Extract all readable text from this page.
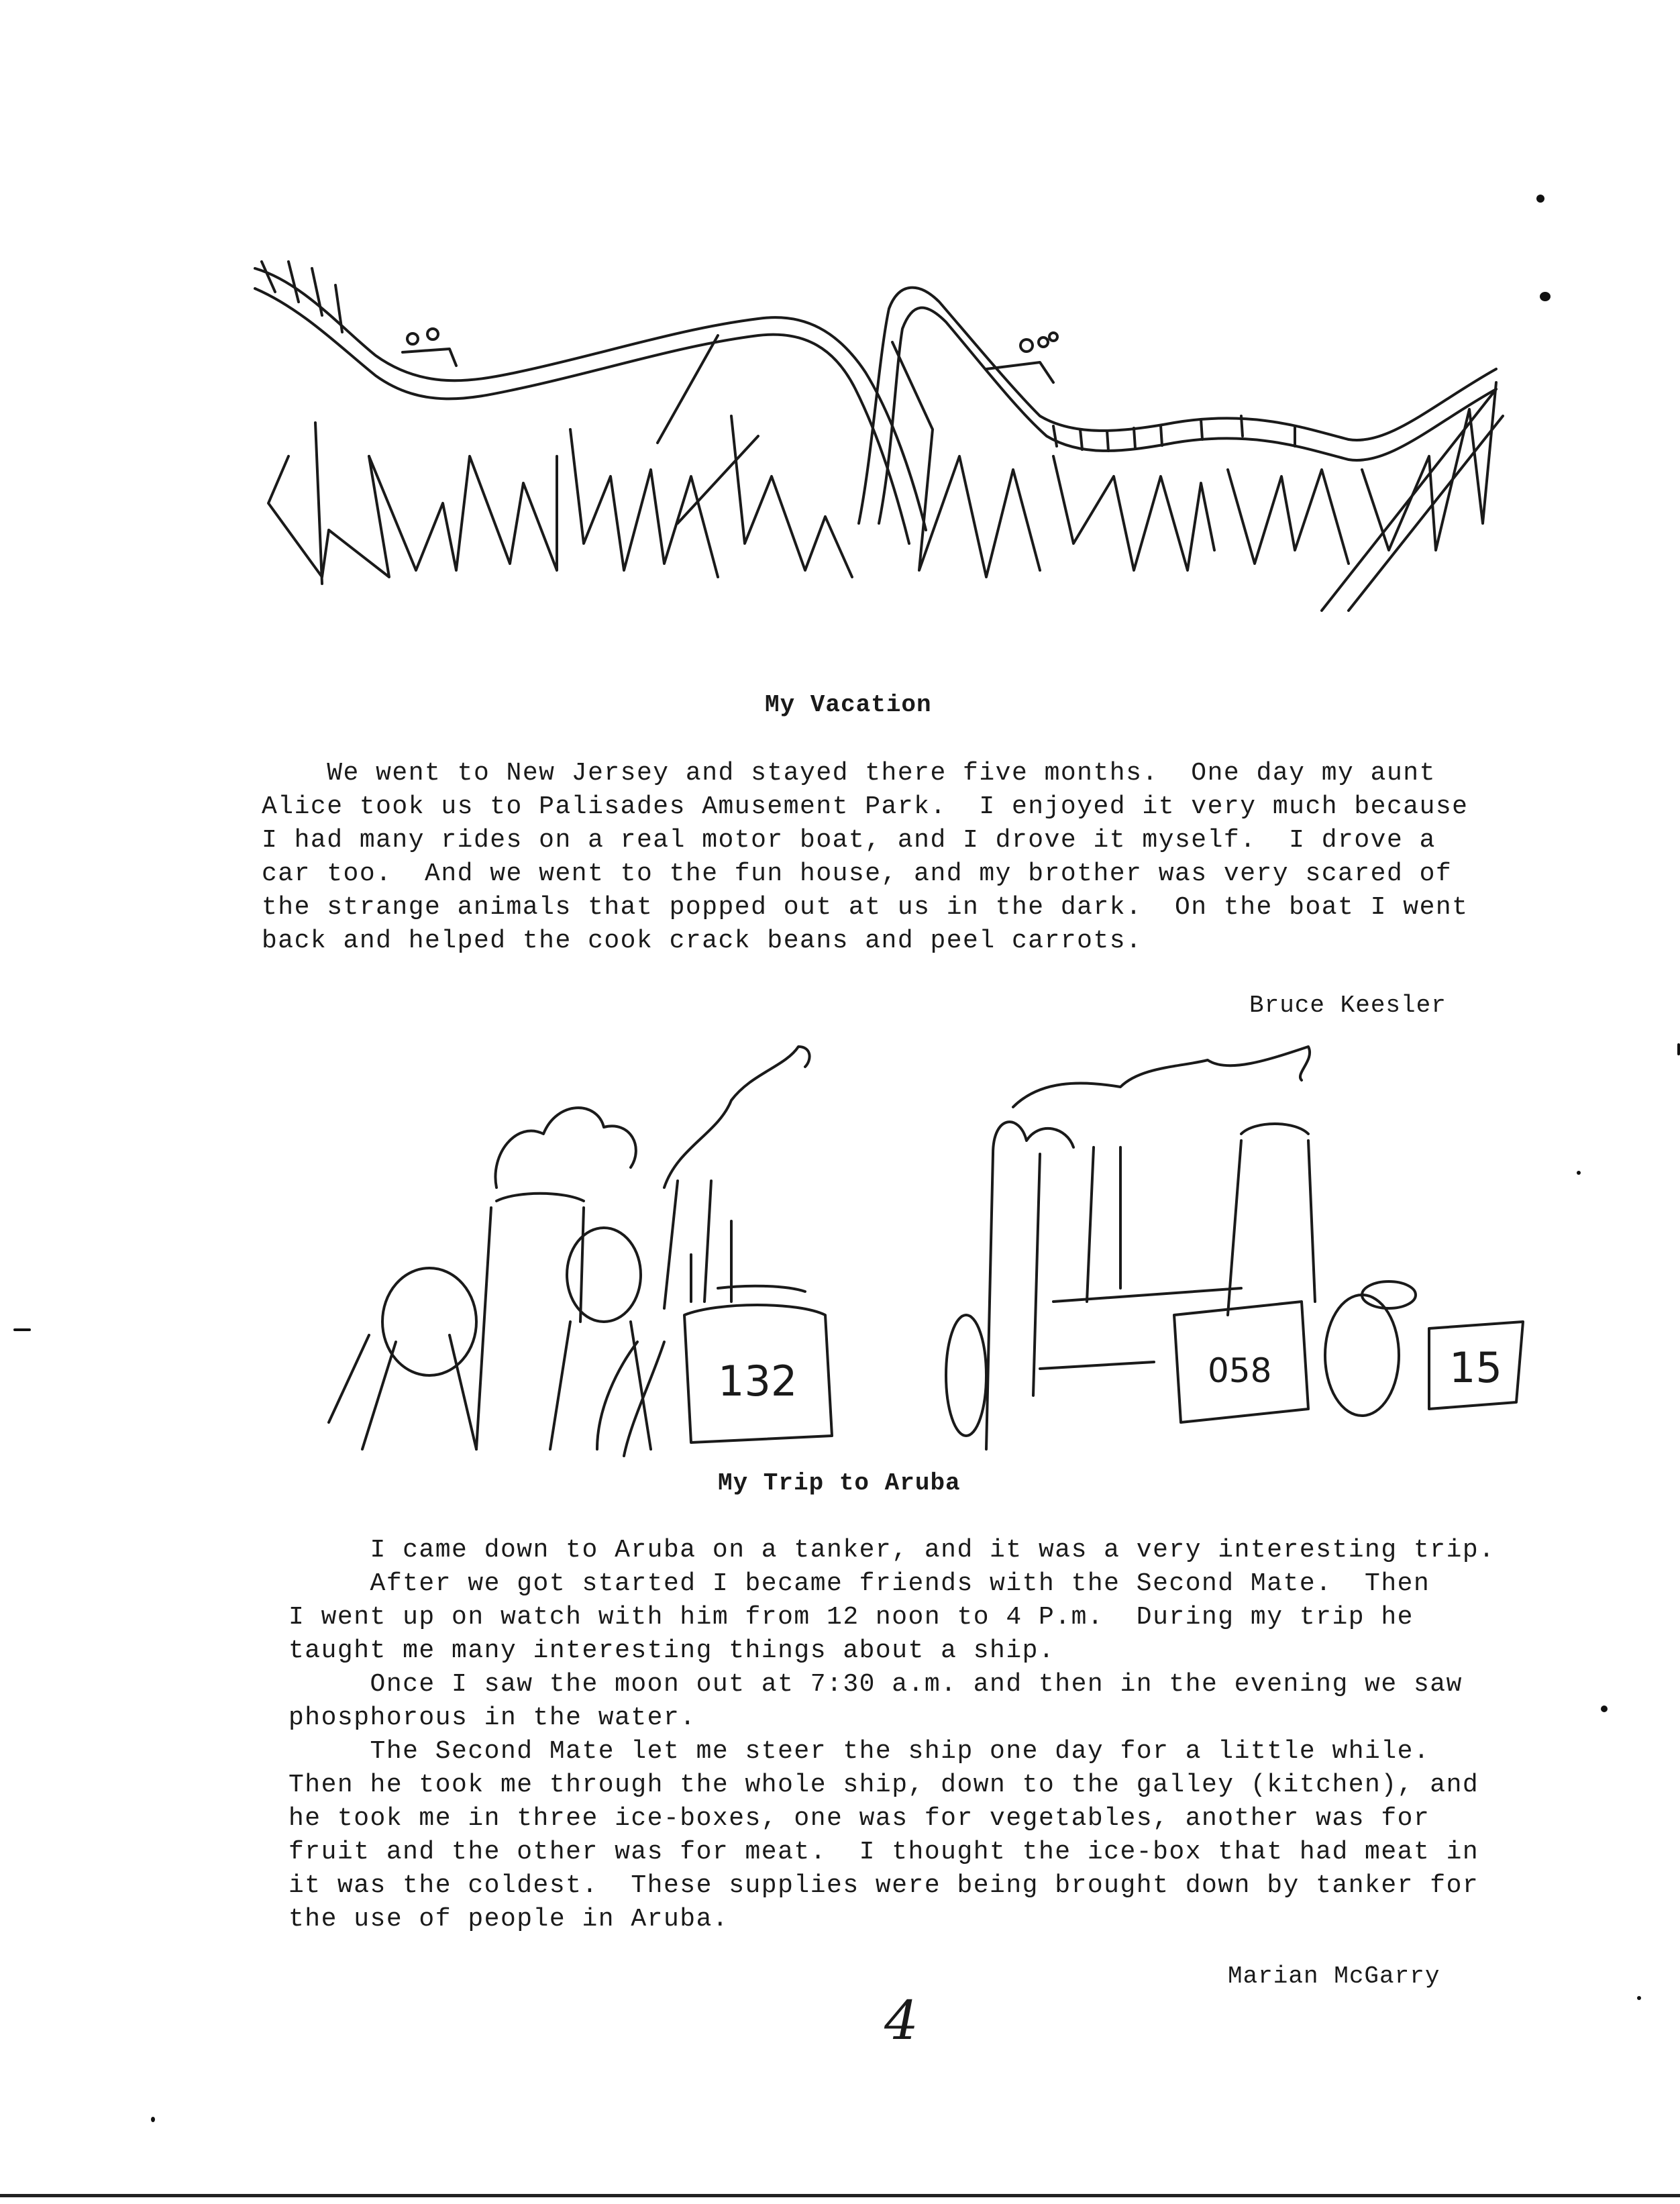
My Vacation
We went to New Jersey and stayed there five months.  One day my aunt
Alice took us to Palisades Amusement Park.  I enjoyed it very much because
I had many rides on a real motor boat, and I drove it myself.  I drove a
car too.  And we went to the fun house, and my brother was very scared of
the strange animals that popped out at us in the dark.  On the boat I went
back and helped the cook crack beans and peel carrots.
Bruce Keesler
132	058	15
My Trip to Aruba
I came down to Aruba on a tanker, and it was a very interesting trip.
After we got started I became friends with the Second Mate.  Then
I went up on watch with him from 12 noon to 4 P.m.  During my trip he
taught me many interesting things about a ship.
Once I saw the moon out at 7:30 a.m. and then in the evening we saw
phosphorous in the water.
The Second Mate let me steer the ship one day for a little while.
Then he took me through the whole ship, down to the galley (kitchen), and
he took me in three ice-boxes, one was for vegetables, another was for
fruit and the other was for meat.  I thought the ice-box that had meat in
it was the coldest.  These supplies were being brought down by tanker for
the use of people in Aruba.
Marian McGarry
4
